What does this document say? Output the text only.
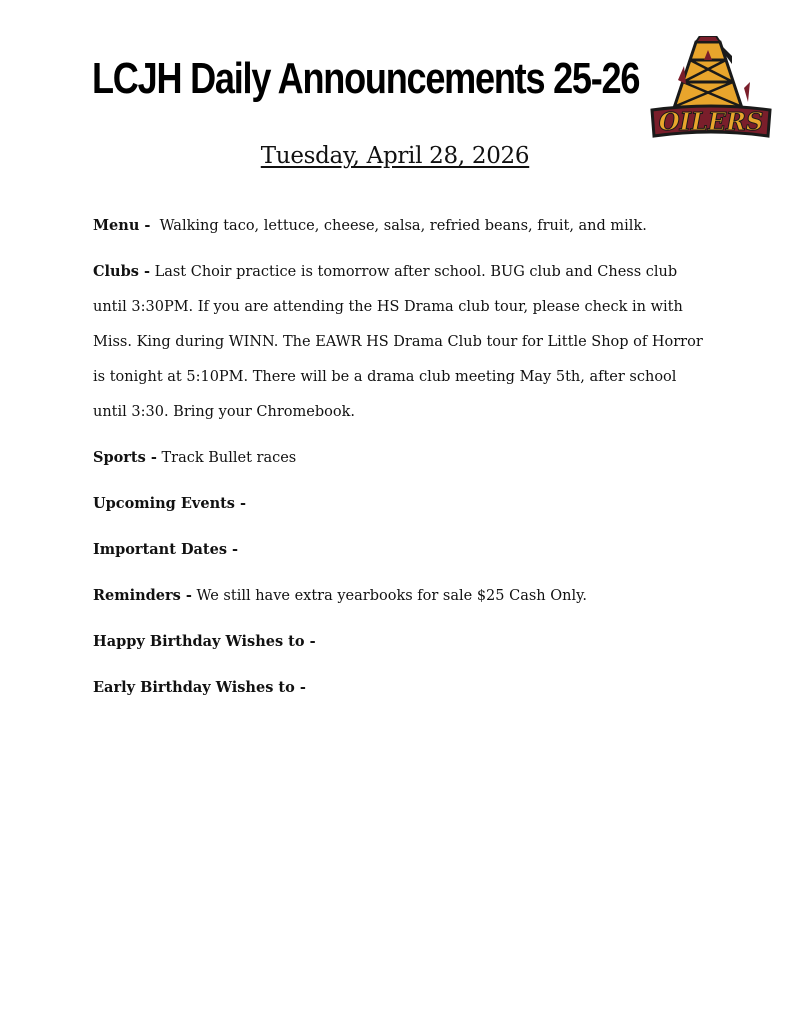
LCJH Daily Announcements 25-26
OILERS
Tuesday, April 28, 2026

Menu -  Walking taco, lettuce, cheese, salsa, refried beans, fruit, and milk.

Clubs - Last Choir practice is tomorrow after school. BUG club and Chess club until 3:30PM. If you are attending the HS Drama club tour, please check in with Miss. King during WINN. The EAWR HS Drama Club tour for Little Shop of Horror is tonight at 5:10PM. There will be a drama club meeting May 5th, after school until 3:30. Bring your Chromebook.

Sports - Track Bullet races

Upcoming Events -

Important Dates -

Reminders - We still have extra yearbooks for sale $25 Cash Only.

Happy Birthday Wishes to -

Early Birthday Wishes to -
